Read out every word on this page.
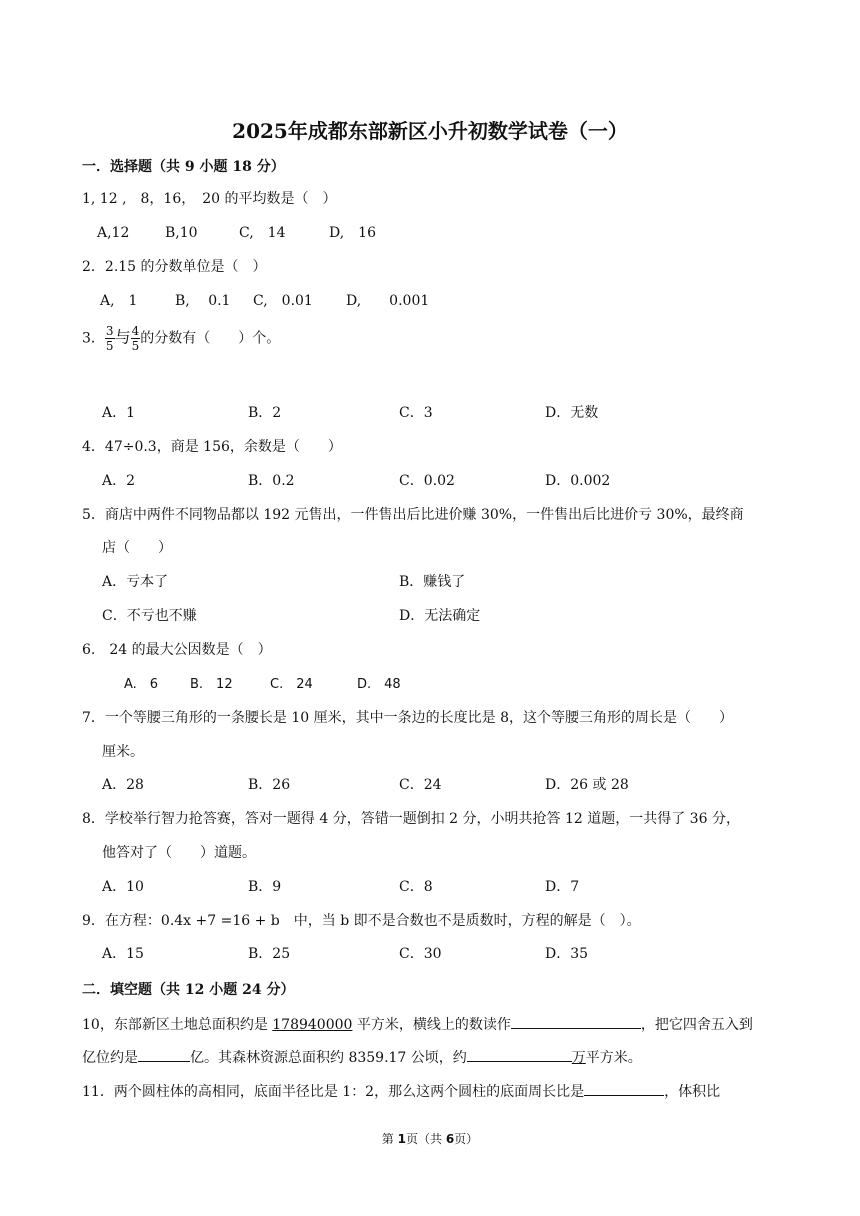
2025年成都东部新区小升初数学试卷（一）
一．选择题（共 9 小题 18 分）
1, 12 ,　8，16，　20 的平均数是（　）
A,12	B,10	C,　14	D,　16
2．2.15 的分数单位是（　）
A,　1	B,　 0.1 C,　0.01 D,　　0.001
3． $\frac{3}{5}$ 与 $\frac{4}{5}$ 的分数有（　　）个。
A．1	B．2	C．3	D．无数
4．47÷0.3，商是 156，余数是（　　）
A．2	B．0.2	C．0.02	D．0.002
5．商店中两件不同物品都以 192 元售出，一件售出后比进价赚 30%，一件售出后比进价亏 30%，最终商
店（　　）
A．亏本了	B．赚钱了
C．不亏也不赚	D．无法确定
6.　24 的最大公因数是（　）
A.　6 B.　12	C.　24	D.　48
7．一个等腰三角形的一条腰长是 10 厘米，其中一条边的长度比是 8，这个等腰三角形的周长是（　　）
厘米。
A．28	B．26	C．24	D．26 或 28
8．学校举行智力抢答赛，答对一题得 4 分，答错一题倒扣 2 分，小明共抢答 12 道题，一共得了 36 分，
他答对了（　　）道题。
A．10	B．9	C．8	D．7
9．在方程：0.4x +7 =16 + b　中，当 b 即不是合数也不是质数时，方程的解是（　）。
A．15	B．25	C．30	D．35
二．填空题（共 12 小题 24 分）
10，东部新区土地总面积约是 178940000 平方米，横线上的数读作	，把它四舍五入到
亿位约是	亿。其森林资源总面积约 8359.17 公顷，约	万平方米。
11．两个圆柱体的高相同，底面半径比是 1：2，那么这两个圆柱的底面周长比是	，体积比
第 1页（共 6页）
